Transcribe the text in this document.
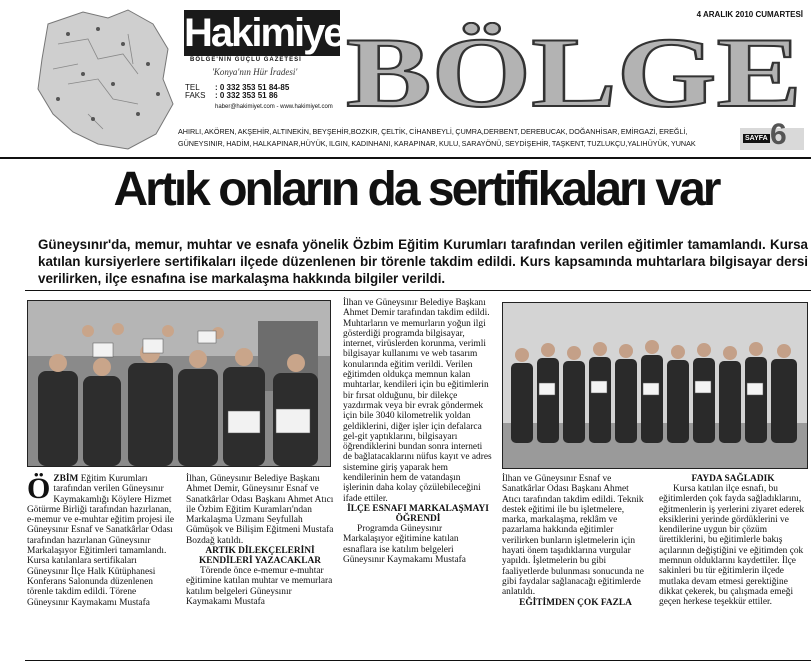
Hakimiyet
BÖLGE'NİN GÜÇLÜ GAZETESİ
'Konya'nın Hür İradesi'
TEL : 0 332 353 51 84-85
FAKS : 0 332 353 51 86
haber@hakimiyet.com - www.hakimiyet.com
4 ARALIK 2010 CUMARTESİ
BÖLGE
AHIRLI, AKÖREN, AKŞEHİR, ALTINEKİN, BEYŞEHİR,BOZKIR, ÇELTİK, CİHANBEYLİ, ÇUMRA,DERBENT, DEREBUCAK, DOĞANHİSAR, EMİRGAZİ, EREĞLİ,
GÜNEYSINIR, HADİM, HALKAPINAR,HÜYÜK, ILGIN, KADINHANI, KARAPINAR, KULU, SARAYÖNÜ, SEYDİŞEHİR, TAŞKENT, TUZLUKÇU,YALIHÜYÜK, YUNAK
SAYFA 6
Artık onların da sertifikaları var
Güneysınır'da, memur, muhtar ve esnafa yönelik Özbim Eğitim Kurumları tarafından verilen eğitimler tamamlandı. Kursa katılan kursiyerlere sertifikaları ilçede düzenlenen bir törenle takdim edildi. Kurs kapsamında muhtarlara bilgisayar dersi verilirken, ilçe esnafına ise markalaşma hakkında bilgiler verildi.

ÖZBİM Eğitim Kurumları tarafından verilen Güneysınır Kaymakamlığı Köylere Hizmet Götürme Birliği tarafından hazırlanan, e-memur ve e-muhtar eğitim projesi ile Güneysınır Esnaf ve Sanatkârlar Odası tarafından hazırlanan Güneysınır Markalaşıyor Eğitimleri tamamlandı. Kursa katılanlara sertifikaları Güneysınır İlçe Halk Kütüphanesi Konferans Salonunda düzenlenen törenle takdim edildi. Törene Güneysınır Kaymakamı Mustafa

İlhan, Güneysınır Belediye Başkanı Ahmet Demir, Güneysınır Esnaf ve Sanatkârlar Odası Başkanı Ahmet Atıcı ile Özbim Eğitim Kuramları'ndan Markalaşma Uzmanı Seyfullah Gümüşok ve Bilişim Eğitmeni Mustafa Bozdağ katıldı.

ARTIK DİLEKÇELERİNİ KENDİLERİ YAZACAKLAR

Törende önce e-memur e-muhtar eğitimine katılan muhtar ve memurlara katılım belgeleri Güneysınır Kaymakamı Mustafa

İlhan ve Güneysınır Belediye Başkanı Ahmet Demir tarafından takdim edildi. Muhtarların ve memurların yoğun ilgi gösterdiği programda bilgisayar, internet, virüslerden korunma, verimli bilgisayar kullanımı ve web tasarım konularında eğitim verildi. Verilen eğitimden oldukça memnun kalan muhtarlar, kendileri için bu eğitimlerin bir fırsat olduğunu, bir dilekçe yazdırmak veya bir evrak göndermek için bile 3040 kilometrelik yoldan geldiklerini, diğer işler için defalarca gel-git yaptıklarını, bilgisayarı öğrendiklerini bundan sonra interneti de bağlatacaklarını nüfus kayıt ve adres sistemine giriş yaparak hem kendilerinin hem de vatandaşın işlerinin daha kolay çözülebileceğini ifade ettiler.

İLÇE ESNAFI MARKALAŞMAYI ÖĞRENDİ

Programda Güneysınır Markalaşıyor eğitimine katılan esnaflara ise katılım belgeleri Güneysınır Kaymakamı Mustafa

İlhan ve Güneysınır Esnaf ve Sanatkârlar Odası Başkanı Ahmet Atıcı tarafından takdim edildi. Teknik destek eğitimi ile bu işletmelere, marka, markalaşma, reklâm ve pazarlama hakkında eğitimler verilirken bunların işletmelerin için hayati önem taşıdıklarına vurgular yapıldı. İşletmelerin bu gibi faaliyetlerde bulunması sonucunda ne gibi faydalar sağlanacağı eğitimlerde anlatıldı.

EĞİTİMDEN ÇOK FAZLA

FAYDA SAĞLADIK

Kursa katılan ilçe esnafı, bu eğitimlerden çok fayda sağladıklarını, eğitmenlerin iş yerlerini ziyaret ederek eksiklerini yerinde gördüklerini ve kendilerine uygun bir çözüm ürettiklerini, bu eğitimlerle bakış açılarının değiştiğini ve eğitimden çok memnun olduklarını kaydettiler. İlçe sakinleri bu tür eğitimlerin ilçede mutlaka devam etmesi gerektiğine dikkat çekerek, bu çalışmada emeği geçen herkese teşekkür ettiler.
